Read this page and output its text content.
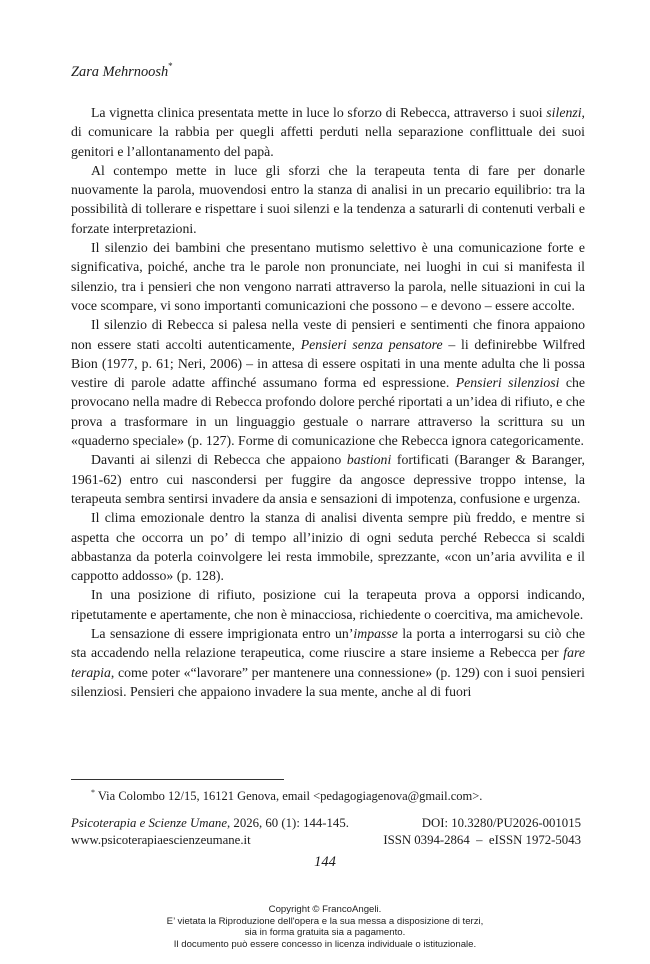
Zara Mehrnoosh*

La vignetta clinica presentata mette in luce lo sforzo di Rebecca, attraverso i suoi silenzi, di comunicare la rabbia per quegli affetti perduti nella separazione conflittuale dei suoi genitori e l’allontanamento del papà.

Al contempo mette in luce gli sforzi che la terapeuta tenta di fare per donarle nuovamente la parola, muovendosi entro la stanza di analisi in un precario equilibrio: tra la possibilità di tollerare e rispettare i suoi silenzi e la tendenza a saturarli di contenuti verbali e forzate interpretazioni.

Il silenzio dei bambini che presentano mutismo selettivo è una comunicazione forte e significativa, poiché, anche tra le parole non pronunciate, nei luoghi in cui si manifesta il silenzio, tra i pensieri che non vengono narrati attraverso la parola, nelle situazioni in cui la voce scompare, vi sono importanti comunicazioni che possono – e devono – essere accolte.

Il silenzio di Rebecca si palesa nella veste di pensieri e sentimenti che finora appaiono non essere stati accolti autenticamente, Pensieri senza pensatore – li definirebbe Wilfred Bion (1977, p. 61; Neri, 2006) – in attesa di essere ospitati in una mente adulta che li possa vestire di parole adatte affinché assumano forma ed espressione. Pensieri silenziosi che provocano nella madre di Rebecca profondo dolore perché riportati a un’idea di rifiuto, e che prova a trasformare in un linguaggio gestuale o narrare attraverso la scrittura su un «quaderno speciale» (p. 127). Forme di comunicazione che Rebecca ignora categoricamente.

Davanti ai silenzi di Rebecca che appaiono bastioni fortificati (Baranger & Baranger, 1961-62) entro cui nascondersi per fuggire da angosce depressive troppo intense, la terapeuta sembra sentirsi invadere da ansia e sensazioni di impotenza, confusione e urgenza.

Il clima emozionale dentro la stanza di analisi diventa sempre più freddo, e mentre si aspetta che occorra un po’ di tempo all’inizio di ogni seduta perché Rebecca si scaldi abbastanza da poterla coinvolgere lei resta immobile, sprezzante, «con un’aria avvilita e il cappotto addosso» (p. 128).

In una posizione di rifiuto, posizione cui la terapeuta prova a opporsi indicando, ripetutamente e apertamente, che non è minacciosa, richiedente o coercitiva, ma amichevole.

La sensazione di essere imprigionata entro un’impasse la porta a interrogarsi su ciò che sta accadendo nella relazione terapeutica, come riuscire a stare insieme a Rebecca per fare terapia, come poter «“lavorare” per mantenere una connessione» (p. 129) con i suoi pensieri silenziosi. Pensieri che appaiono invadere la sua mente, anche al di fuori

* Via Colombo 12/15, 16121 Genova, email <pedagogiagenova@gmail.com>.
Psicoterapia e Scienze Umane, 2026, 60 (1): 144-145.	DOI: 10.3280/PU2026-001015
www.psicoterapiaescienzeumane.it	ISSN 0394-2864  –  eISSN 1972-5043
144
Copyright © FrancoAngeli.
E’ vietata la Riproduzione dell'opera e la sua messa a disposizione di terzi,
sia in forma gratuita sia a pagamento.
Il documento può essere concesso in licenza individuale o istituzionale.
